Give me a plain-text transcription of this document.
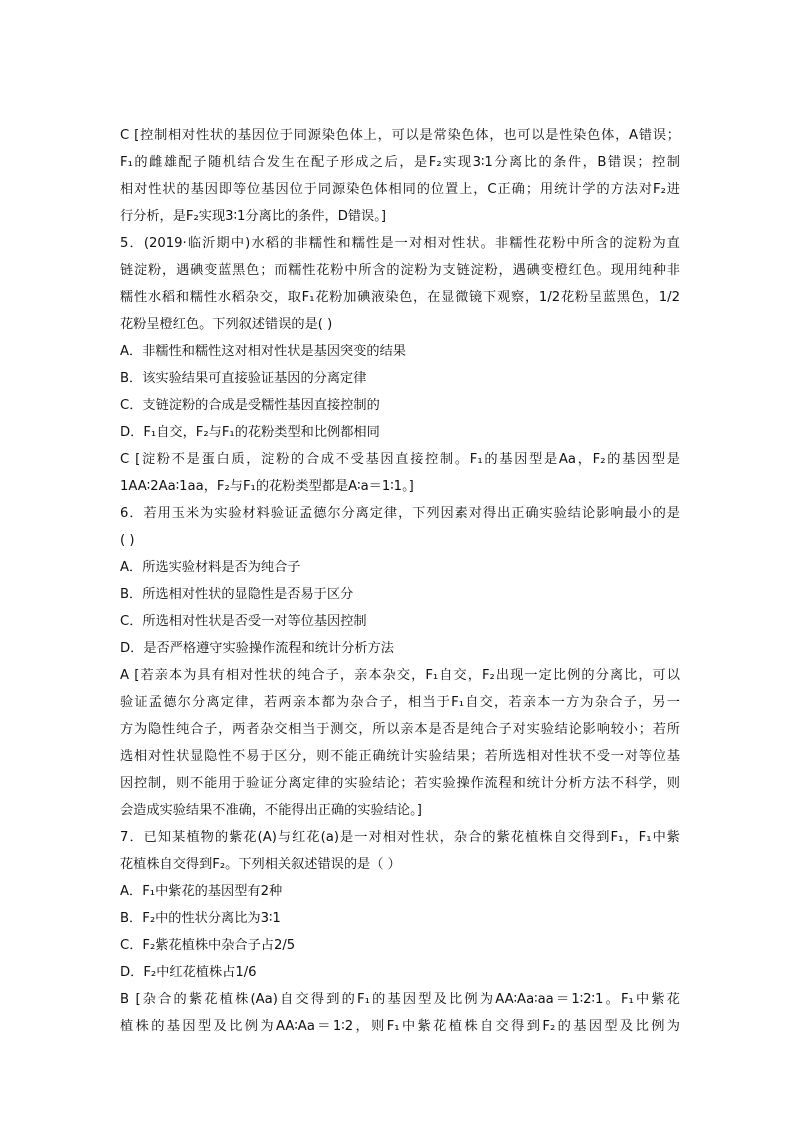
C [控制相对性状的基因位于同源染色体上，可以是常染色体，也可以是性染色体，A错误；
F₁的雌雄配子随机结合发生在配子形成之后，是F₂实现3∶1分离比的条件，B错误；控制
相对性状的基因即等位基因位于同源染色体相同的位置上，C正确；用统计学的方法对F₂进
行分析，是F₂实现3∶1分离比的条件，D错误。]
5．(2019·临沂期中)水稻的非糯性和糯性是一对相对性状。非糯性花粉中所含的淀粉为直
链淀粉，遇碘变蓝黑色；而糯性花粉中所含的淀粉为支链淀粉，遇碘变橙红色。现用纯种非
糯性水稻和糯性水稻杂交，取F₁花粉加碘液染色，在显微镜下观察，1/2花粉呈蓝黑色，1/2
花粉呈橙红色。下列叙述错误的是( )
A．非糯性和糯性这对相对性状是基因突变的结果
B．该实验结果可直接验证基因的分离定律
C．支链淀粉的合成是受糯性基因直接控制的
D．F₁自交，F₂与F₁的花粉类型和比例都相同
C [淀粉不是蛋白质，淀粉的合成不受基因直接控制。F₁的基因型是Aa，F₂的基因型是
1AA∶2Aa∶1aa，F₂与F₁的花粉类型都是A∶a＝1∶1。]
6．若用玉米为实验材料验证孟德尔分离定律，下列因素对得出正确实验结论影响最小的是
( )
A．所选实验材料是否为纯合子
B．所选相对性状的显隐性是否易于区分
C．所选相对性状是否受一对等位基因控制
D．是否严格遵守实验操作流程和统计分析方法
A [若亲本为具有相对性状的纯合子，亲本杂交，F₁自交，F₂出现一定比例的分离比，可以
验证孟德尔分离定律，若两亲本都为杂合子，相当于F₁自交，若亲本一方为杂合子，另一
方为隐性纯合子，两者杂交相当于测交，所以亲本是否是纯合子对实验结论影响较小；若所
选相对性状显隐性不易于区分，则不能正确统计实验结果；若所选相对性状不受一对等位基
因控制，则不能用于验证分离定律的实验结论；若实验操作流程和统计分析方法不科学，则
会造成实验结果不准确，不能得出正确的实验结论。]
7．已知某植物的紫花(A)与红花(a)是一对相对性状，杂合的紫花植株自交得到F₁，F₁中紫
花植株自交得到F₂。下列相关叙述错误的是（ ）
A．F₁中紫花的基因型有2种
B．F₂中的性状分离比为3∶1
C．F₂紫花植株中杂合子占2/5
D．F₂中红花植株占1/6
B [杂合的紫花植株(Aa)自交得到的F₁的基因型及比例为AA∶Aa∶aa＝1∶2∶1。F₁中紫花
植株的基因型及比例为AA∶Aa＝1∶2，则F₁中紫花植株自交得到F₂的基因型及比例为
